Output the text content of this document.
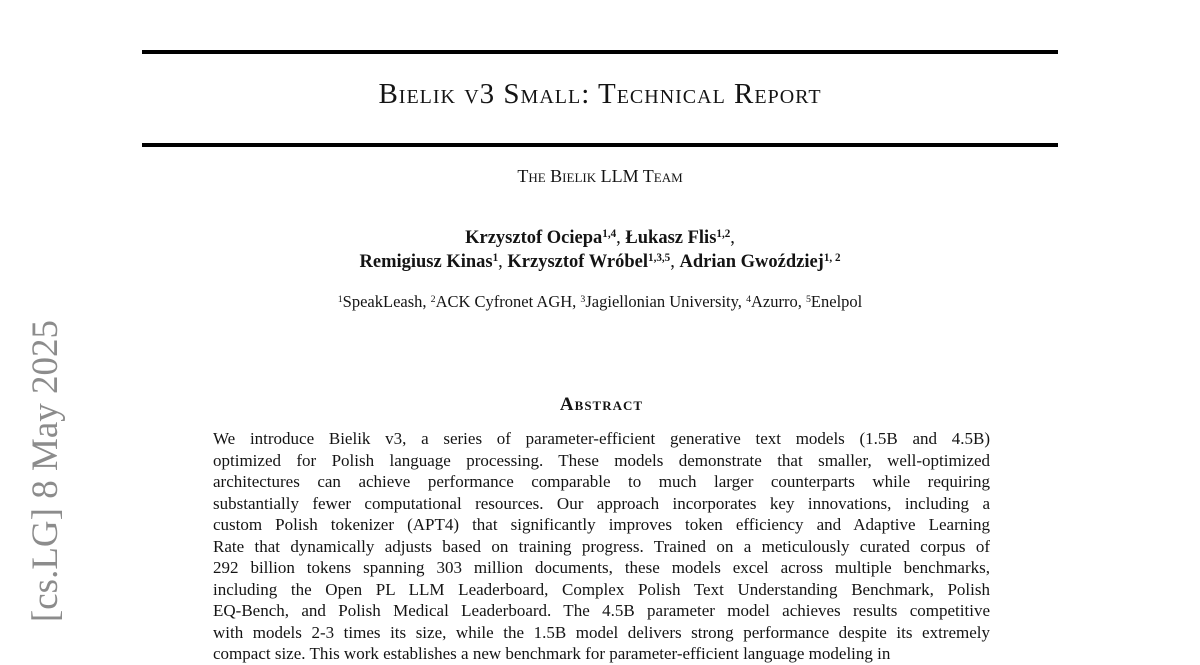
[cs.LG] 8 May 2025
Bielik v3 Small: Technical Report
The Bielik LLM Team
Krzysztof Ociepa$^{1,4}$, Łukasz Flis$^{1,2}$,
Remigiusz Kinas$^1$, Krzysztof Wróbel$^{1,3,5}$, Adrian Gwoździej$^{1, 2}$
$^1$SpeakLeash, $^2$ACK Cyfronet AGH, $^3$Jagiellonian University, $^4$Azurro, $^5$Enelpol
Abstract
We introduce Bielik v3, a series of parameter-efficient generative text models (1.5B and 4.5B)
optimized for Polish language processing. These models demonstrate that smaller, well-optimized
architectures can achieve performance comparable to much larger counterparts while requiring
substantially fewer computational resources. Our approach incorporates key innovations, including a
custom Polish tokenizer (APT4) that significantly improves token efficiency and Adaptive Learning
Rate that dynamically adjusts based on training progress. Trained on a meticulously curated corpus of
292 billion tokens spanning 303 million documents, these models excel across multiple benchmarks,
including the Open PL LLM Leaderboard, Complex Polish Text Understanding Benchmark, Polish
EQ-Bench, and Polish Medical Leaderboard. The 4.5B parameter model achieves results competitive
with models 2-3 times its size, while the 1.5B model delivers strong performance despite its extremely
compact size. This work establishes a new benchmark for parameter-efficient language modeling in
